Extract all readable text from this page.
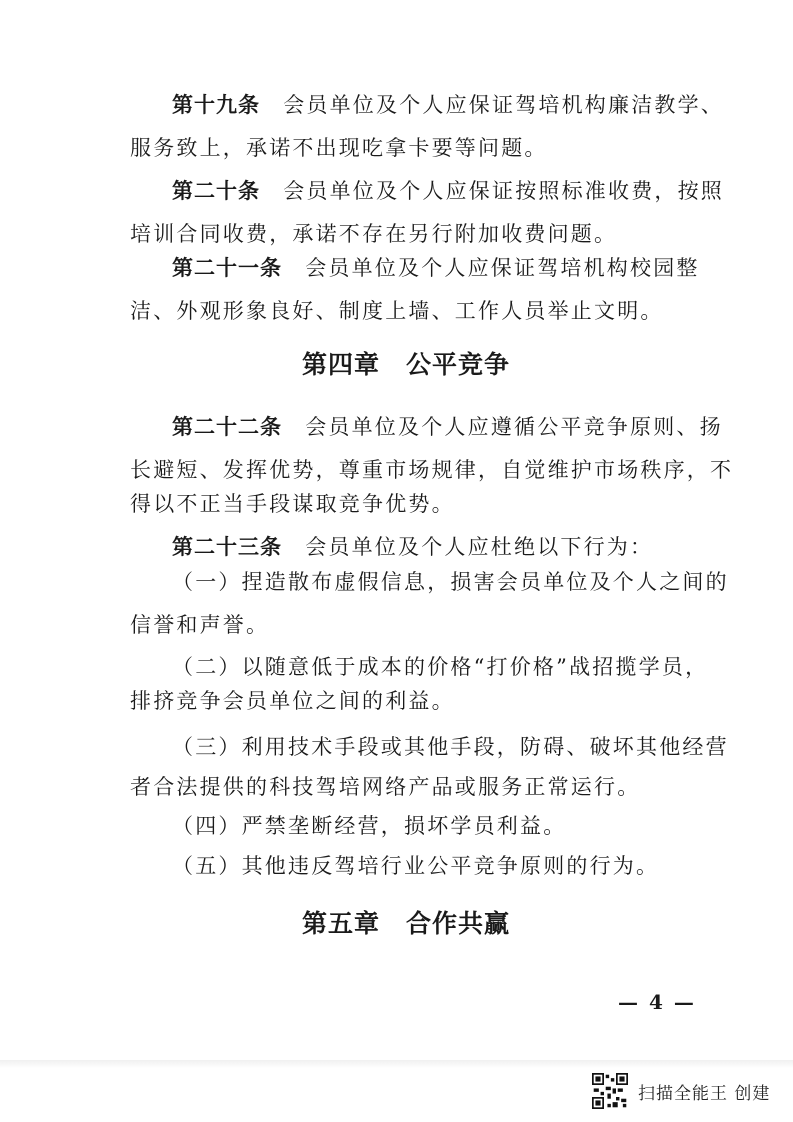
第十九条　会员单位及个人应保证驾培机构廉洁教学、

服务致上，承诺不出现吃拿卡要等问题。

第二十条　会员单位及个人应保证按照标准收费，按照

培训合同收费，承诺不存在另行附加收费问题。

第二十一条　会员单位及个人应保证驾培机构校园整

洁、外观形象良好、制度上墙、工作人员举止文明。

第四章　公平竞争

第二十二条　会员单位及个人应遵循公平竞争原则、扬

长避短、发挥优势，尊重市场规律，自觉维护市场秩序，不

得以不正当手段谋取竞争优势。

第二十三条　会员单位及个人应杜绝以下行为：

（一）捏造散布虚假信息，损害会员单位及个人之间的

信誉和声誉。

（二）以随意低于成本的价格“打价格”战招揽学员，

排挤竞争会员单位之间的利益。

（三）利用技术手段或其他手段，防碍、破坏其他经营

者合法提供的科技驾培网络产品或服务正常运行。

（四）严禁垄断经营，损坏学员利益。

（五）其他违反驾培行业公平竞争原则的行为。

第五章　合作共赢
— 4 —
扫描全能王 创建
